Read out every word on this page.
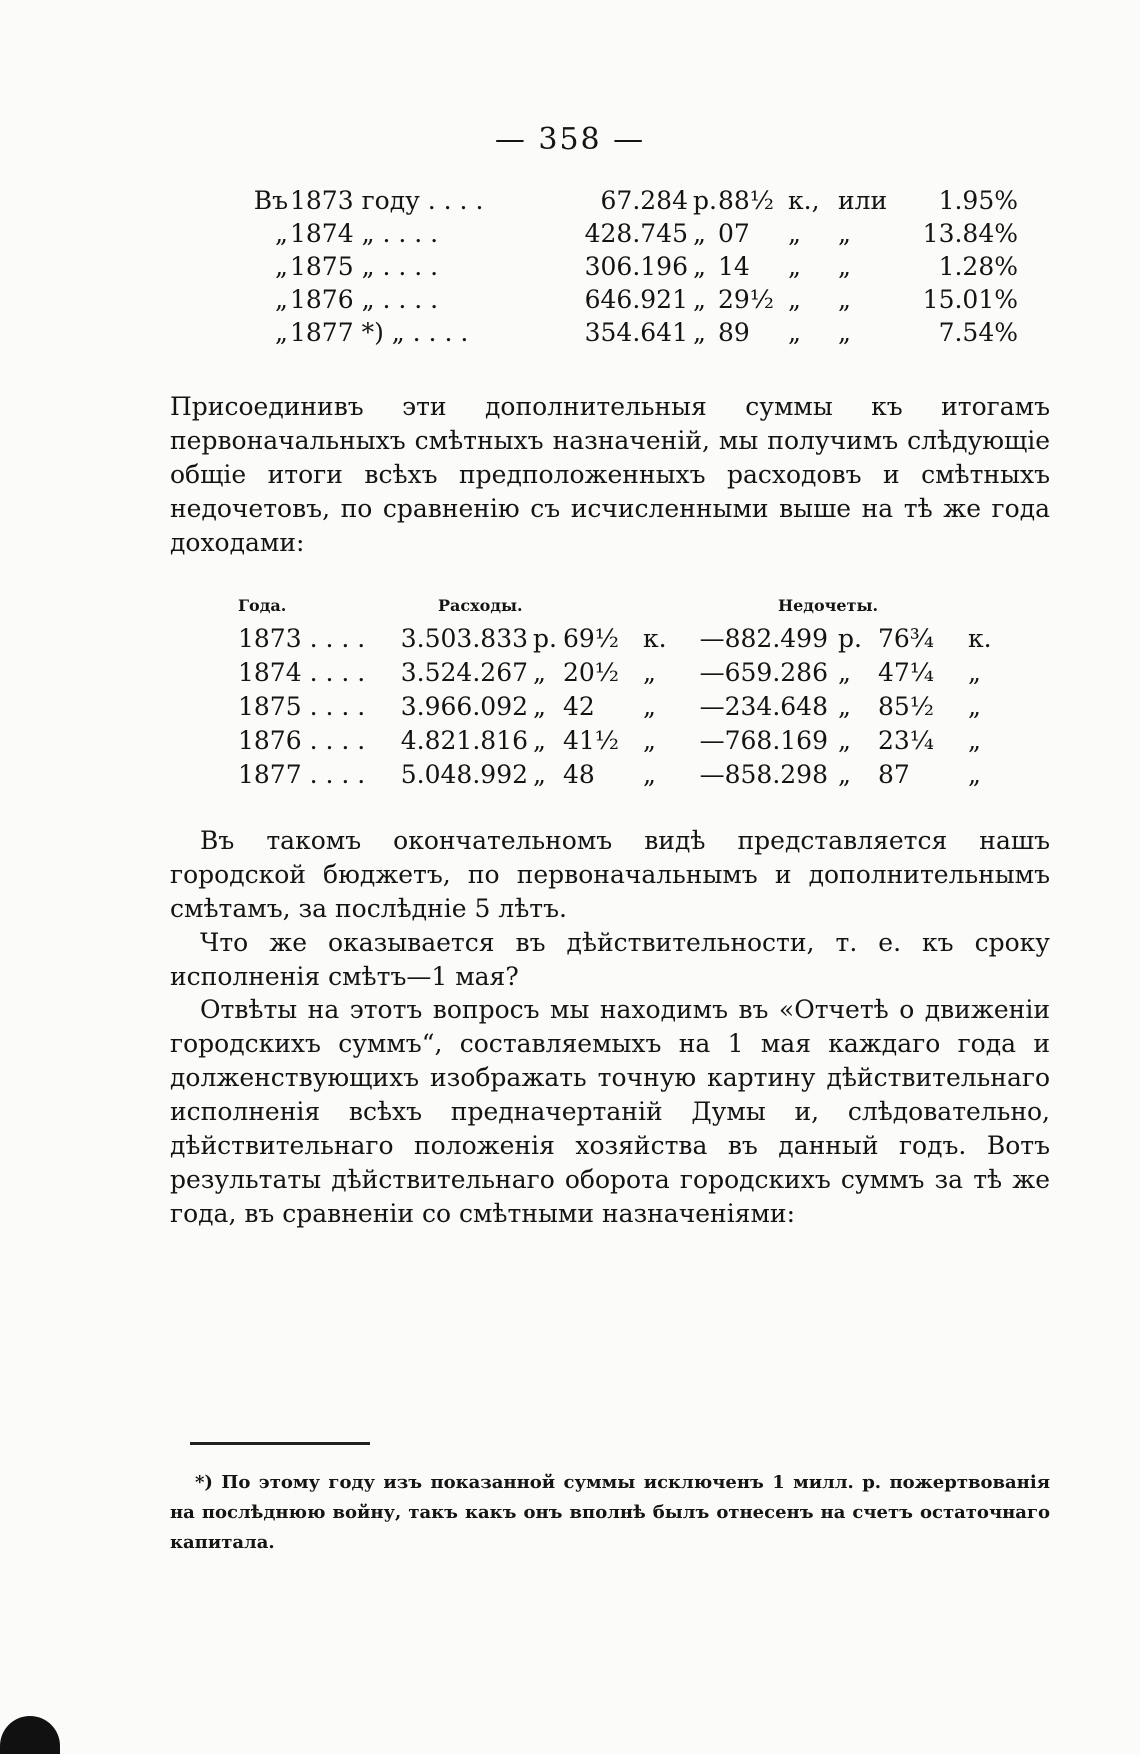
— 358 —
Въ 1873 году . . . .	67.284 р. 88½ к., или	1.95%
„ 1874 „ . . . .	428.745 „ 07	„	„	13.84%
„ 1875 „ . . . .	306.196 „ 14	„	„	1.28%
„ 1876 „ . . . .	646.921 „ 29½ „	„	15.01%
„ 1877 *) „ . . . .	354.641 „ 89	„	„	7.54%

Присоединивъ эти дополнительныя суммы къ итогамъ первоначальныхъ смѣтныхъ назначеній, мы получимъ слѣдующіе общіе итоги всѣхъ предположенныхъ расходовъ и смѣтныхъ недочетовъ, по сравненію съ исчисленными выше на тѣ же года доходами:

Года.	Расходы.	Недочеты.
1873 . . . .	3.503.833 р. 69½ к.	—882.499 р. 76¾	к.
1874 . . . .	3.524.267 „ 20½ „	—659.286 „	47¼	„
1875 . . . .	3.966.092 „ 42	„	—234.648 „	85½	„
1876 . . . .	4.821.816 „ 41½ „	—768.169 „	23¼	„
1877 . . . .	5.048.992 „ 48	„	—858.298 „	87	„

Въ такомъ окончательномъ видѣ представляется нашъ городской бюджетъ, по первоначальнымъ и дополнительнымъ смѣтамъ, за послѣдніе 5 лѣтъ.

Что же оказывается въ дѣйствительности, т. е. къ сроку исполненія смѣтъ—1 мая?

Отвѣты на этотъ вопросъ мы находимъ въ «Отчетѣ о движеніи городскихъ суммъ“, составляемыхъ на 1 мая каждаго года и долженствующихъ изображать точную картину дѣйствительнаго исполненія всѣхъ предначертаній Думы и, слѣдовательно, дѣйствительнаго положенія хозяйства въ данный годъ. Вотъ результаты дѣйствительнаго оборота городскихъ суммъ за тѣ же года, въ сравненіи со смѣтными назначеніями:

*) По этому году изъ показанной суммы исключенъ 1 милл. р. пожертвованія на послѣднюю войну, такъ какъ онъ вполнѣ былъ отнесенъ на счетъ остаточнаго капитала.
